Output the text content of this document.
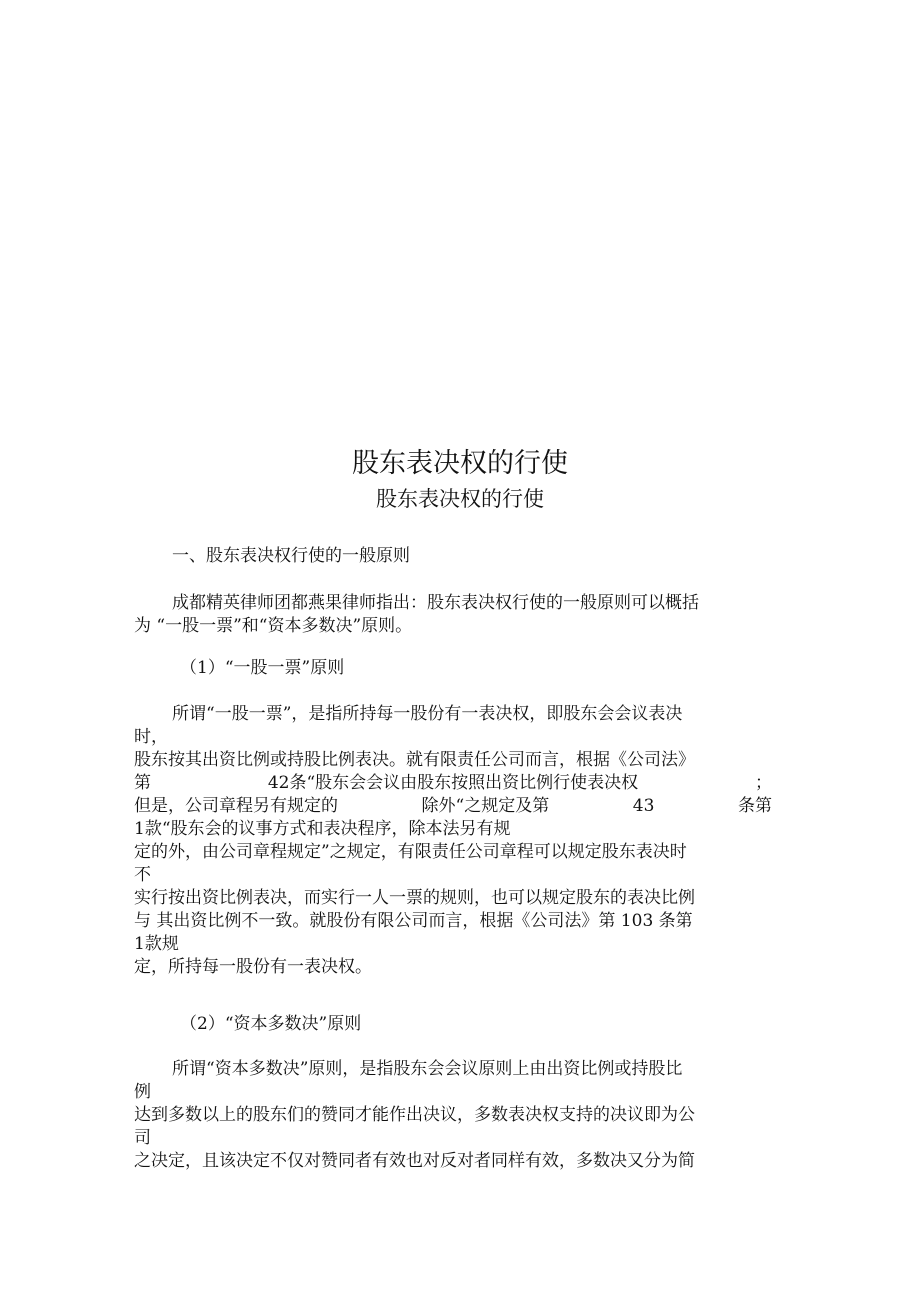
股东表决权的行使
股东表决权的行使
一、股东表决权行使的一般原则
成都精英律师团都燕果律师指出：股东表决权行使的一般原则可以概括
为 “一股一票”和“资本多数决”原则。
（1）“一股一票”原则
所谓“一股一票”，是指所持每一股份有一表决权，即股东会会议表决
时，
股东按其出资比例或持股比例表决。就有限责任公司而言，根据《公司法》
第	42条“股东会会议由股东按照出资比例行使表决权	；
但是，公司章程另有规定的	除外“之规定及第	43	条第
1款“股东会的议事方式和表决程序，除本法另有规
定的外，由公司章程规定”之规定，有限责任公司章程可以规定股东表决时
不
实行按出资比例表决，而实行一人一票的规则，也可以规定股东的表决比例
与 其出资比例不一致。就股份有限公司而言，根据《公司法》第 103 条第
1款规
定，所持每一股份有一表决权。
（2）“资本多数决”原则
所谓“资本多数决”原则，是指股东会会议原则上由出资比例或持股比
例
达到多数以上的股东们的赞同才能作出决议，多数表决权支持的决议即为公
司
之决定，且该决定不仅对赞同者有效也对反对者同样有效，多数决又分为简
